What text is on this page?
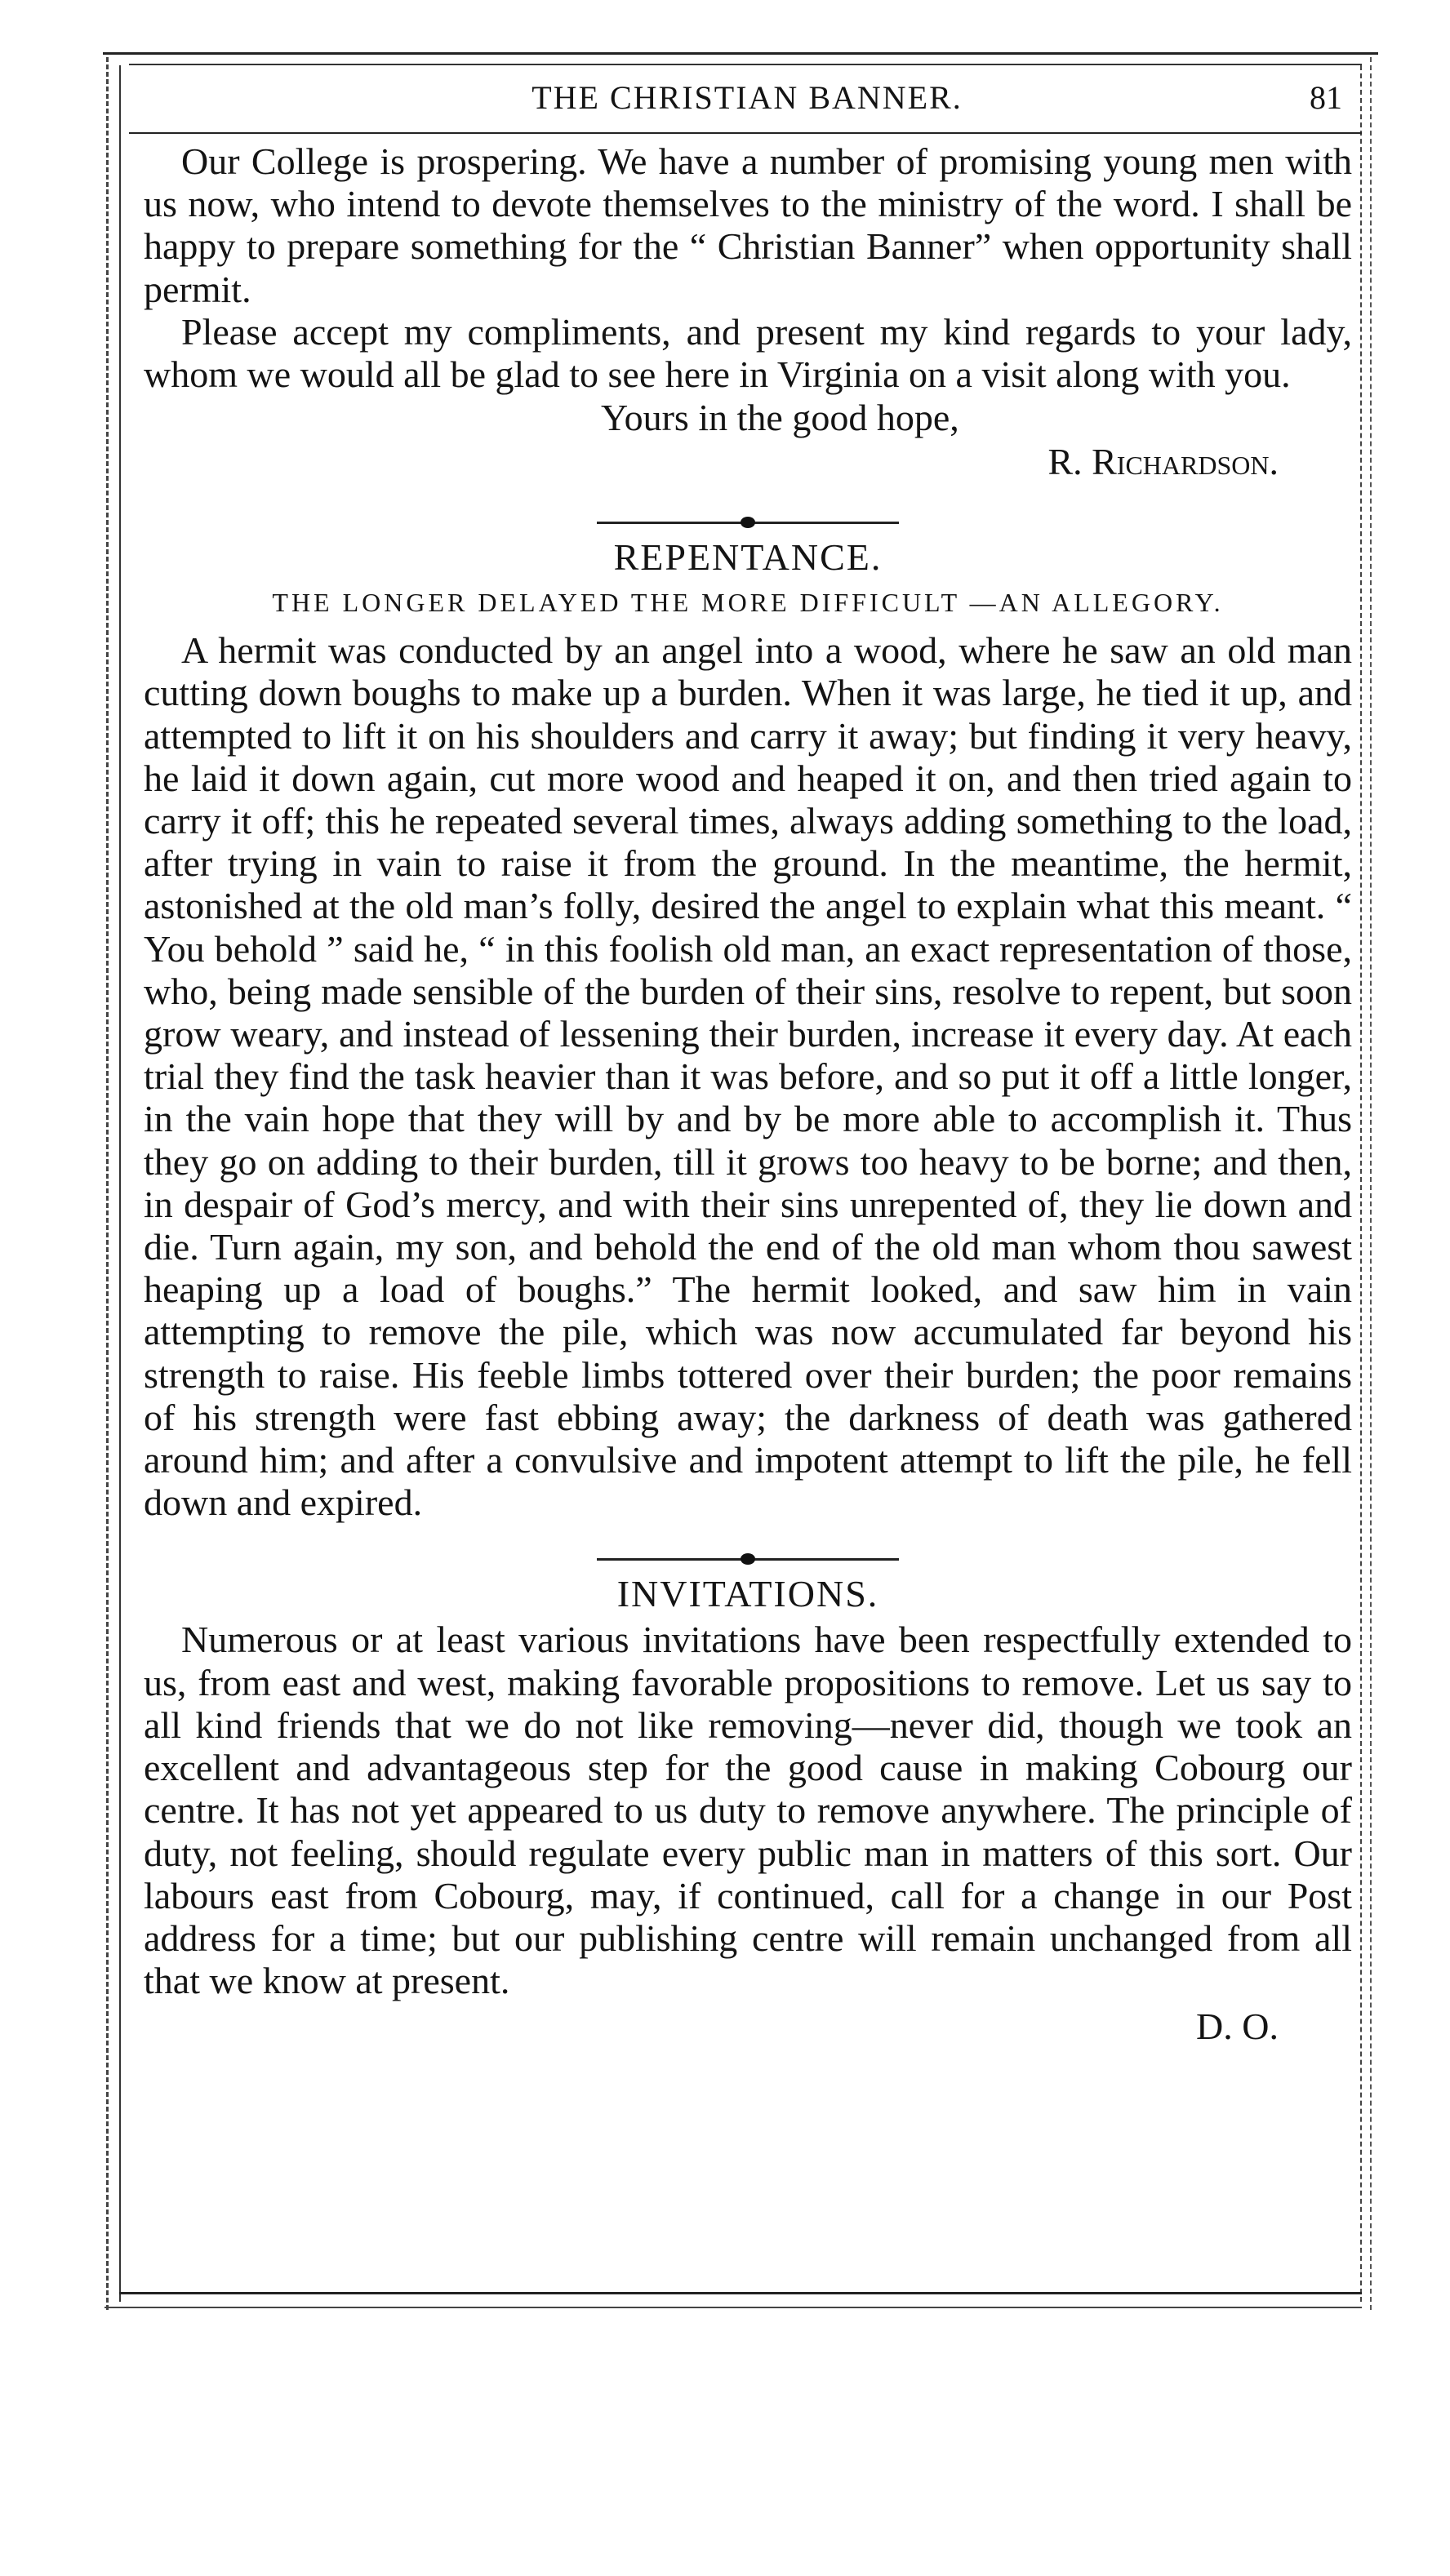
THE CHRISTIAN BANNER.	81

Our College is prospering. We have a number of promising young men with us now, who intend to devote themselves to the ministry of the word. I shall be happy to prepare something for the “ Christian Banner” when opportunity shall permit.

Please accept my compliments, and present my kind regards to your lady, whom we would all be glad to see here in Virginia on a visit along with you.

Yours in the good hope,
R. Richardson.
REPENTANCE.
THE LONGER DELAYED THE MORE DIFFICULT —AN ALLEGORY.

A hermit was conducted by an angel into a wood, where he saw an old man cutting down boughs to make up a burden. When it was large, he tied it up, and attempted to lift it on his shoulders and carry it away; but finding it very heavy, he laid it down again, cut more wood and heaped it on, and then tried again to carry it off; this he repeated several times, always adding something to the load, after trying in vain to raise it from the ground. In the meantime, the hermit, astonished at the old man’s folly, desired the angel to explain what this meant. “ You behold ” said he, “ in this foolish old man, an exact representation of those, who, being made sensible of the burden of their sins, resolve to repent, but soon grow weary, and instead of lessening their burden, increase it every day. At each trial they find the task heavier than it was before, and so put it off a little longer, in the vain hope that they will by and by be more able to accomplish it. Thus they go on adding to their burden, till it grows too heavy to be borne; and then, in despair of God’s mercy, and with their sins unrepented of, they lie down and die. Turn again, my son, and behold the end of the old man whom thou sawest heaping up a load of boughs.” The hermit looked, and saw him in vain attempting to remove the pile, which was now accumulated far beyond his strength to raise. His feeble limbs tottered over their burden; the poor remains of his strength were fast ebbing away; the darkness of death was gathered around him; and after a convulsive and impotent attempt to lift the pile, he fell down and expired.

INVITATIONS.

Numerous or at least various invitations have been respectfully extended to us, from east and west, making favorable propositions to remove. Let us say to all kind friends that we do not like removing—never did, though we took an excellent and advantageous step for the good cause in making Cobourg our centre. It has not yet appeared to us duty to remove anywhere. The principle of duty, not feeling, should regulate every public man in matters of this sort. Our labours east from Cobourg, may, if continued, call for a change in our Post address for a time; but our publishing centre will remain unchanged from all that we know at present.

D. O.
